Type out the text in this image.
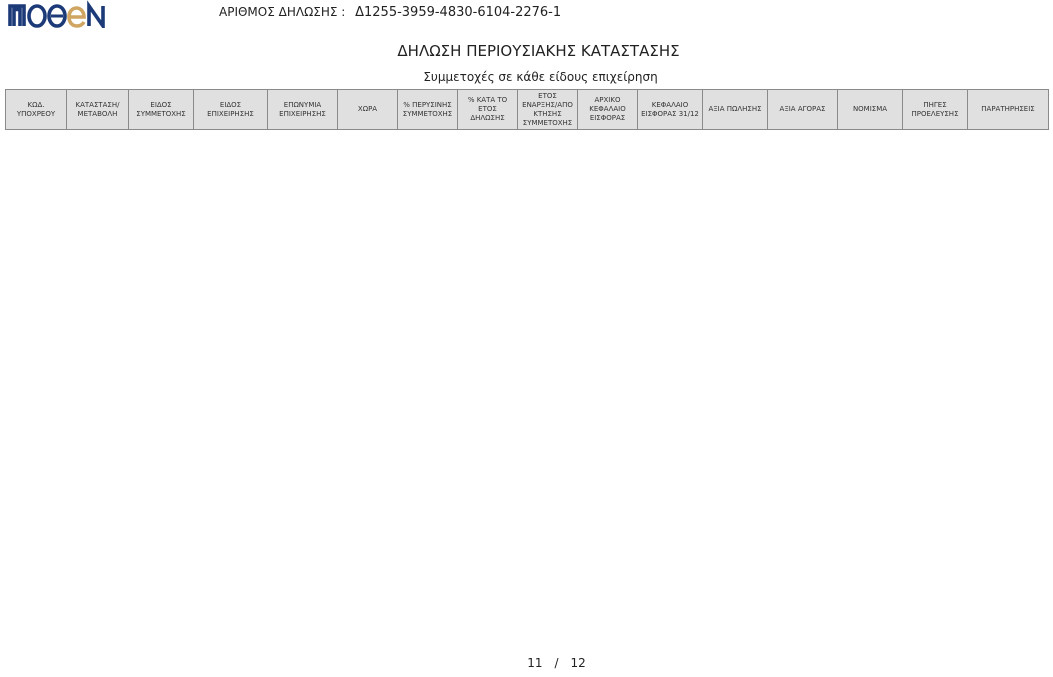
ΑΡΙΘΜΟΣ ΔΗΛΩΣΗΣ : Δ1255-3959-4830-6104-2276-1
ΔΗΛΩΣΗ ΠΕΡΙΟΥΣΙΑΚΗΣ ΚΑΤΑΣΤΑΣΗΣ
Συμμετοχές σε κάθε είδους επιχείρηση
ΚΩΔ. ΥΠΟΧΡΕΟΥ	ΚΑΤΑΣΤΑΣΗ/ ΜΕΤΑΒΟΛΗ	ΕΙΔΟΣ ΣΥΜΜΕΤΟΧΗΣ	ΕΙΔΟΣ ΕΠΙΧΕΙΡΗΣΗΣ	ΕΠΩΝΥΜΙΑ ΕΠΙΧΕΙΡΗΣΗΣ	ΧΩΡΑ	% ΠΕΡΥΣΙΝΗΣ ΣΥΜΜΕΤΟΧΗΣ	% ΚΑΤΑ ΤΟ ΕΤΟΣ ΔΗΛΩΣΗΣ	ΕΤΟΣ ΕΝΑΡΞΗΣ/ΑΠΟ ΚΤΗΣΗΣ ΣΥΜΜΕΤΟΧΗΣ	ΑΡΧΙΚΟ ΚΕΦΑΛΑΙΟ ΕΙΣΦΟΡΑΣ	ΚΕΦΑΛΑΙΟ ΕΙΣΦΟΡΑΣ 31/12	ΑΞΙΑ ΠΩΛΗΣΗΣ	ΑΞΙΑ ΑΓΟΡΑΣ	ΝΟΜΙΣΜΑ	ΠΗΓΕΣ ΠΡΟΕΛΕΥΣΗΣ	ΠΑΡΑΤΗΡΗΣΕΙΣ
11 / 12
